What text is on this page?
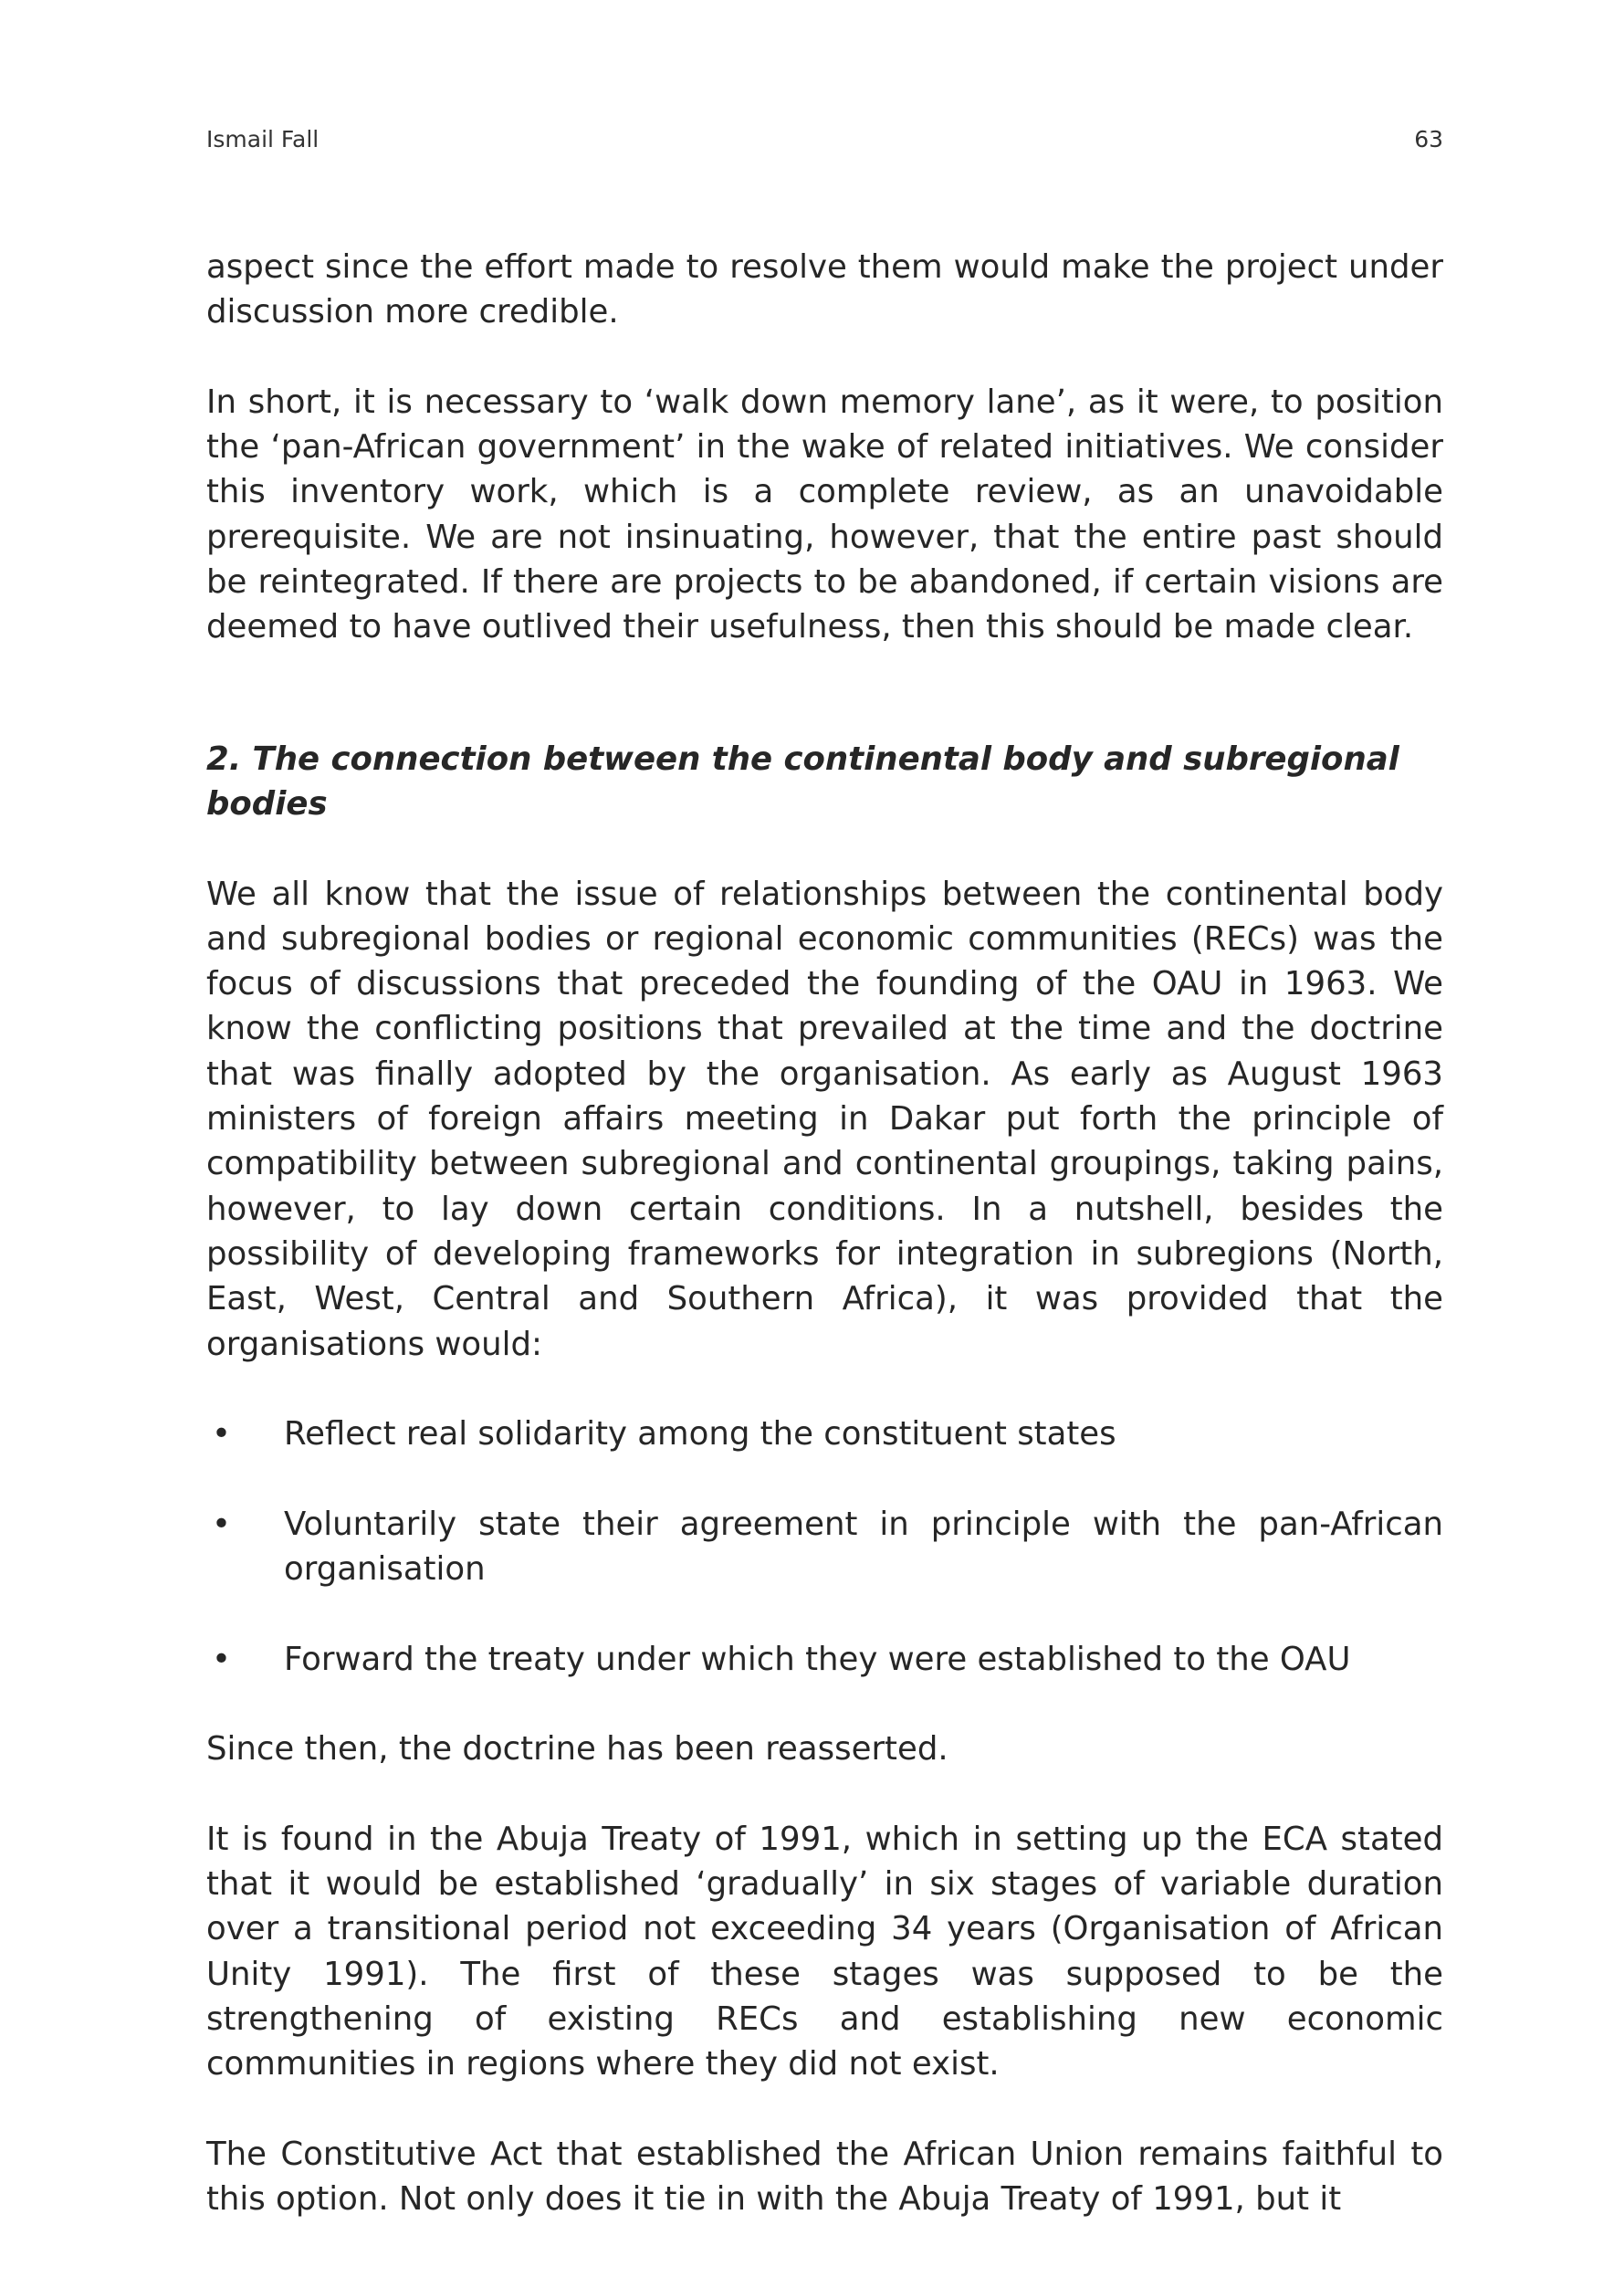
Ismail Fall	63

aspect since the effort made to resolve them would make the project under discussion more credible.

In short, it is necessary to ‘walk down memory lane’, as it were, to position the ‘pan-African government’ in the wake of related initiatives. We consider this inventory work, which is a complete review, as an unavoidable prerequisite. We are not insinuating, however, that the entire past should be reintegrated. If there are projects to be abandoned, if certain visions are deemed to have outlived their usefulness, then this should be made clear.

2. The connection between the continental body and subregional bodies

We all know that the issue of relationships between the continental body and subregional bodies or regional economic communities (RECs) was the focus of discussions that preceded the founding of the OAU in 1963. We know the conflicting positions that prevailed at the time and the doctrine that was finally adopted by the organisation. As early as August 1963 ministers of foreign affairs meeting in Dakar put forth the principle of compatibility between subregional and continental groupings, taking pains, however, to lay down certain conditions. In a nutshell, besides the possibility of developing frameworks for integration in subregions (North, East, West, Central and Southern Africa), it was provided that the organisations would:

• Reflect real solidarity among the constituent states
• Voluntarily state their agreement in principle with the pan-African organisation
• Forward the treaty under which they were established to the OAU

Since then, the doctrine has been reasserted.

It is found in the Abuja Treaty of 1991, which in setting up the ECA stated that it would be established ‘gradually’ in six stages of variable duration over a transitional period not exceeding 34 years (Organisation of African Unity 1991). The first of these stages was supposed to be the strengthening of existing RECs and establishing new economic communities in regions where they did not exist.

The Constitutive Act that established the African Union remains faithful to this option. Not only does it tie in with the Abuja Treaty of 1991, but it
